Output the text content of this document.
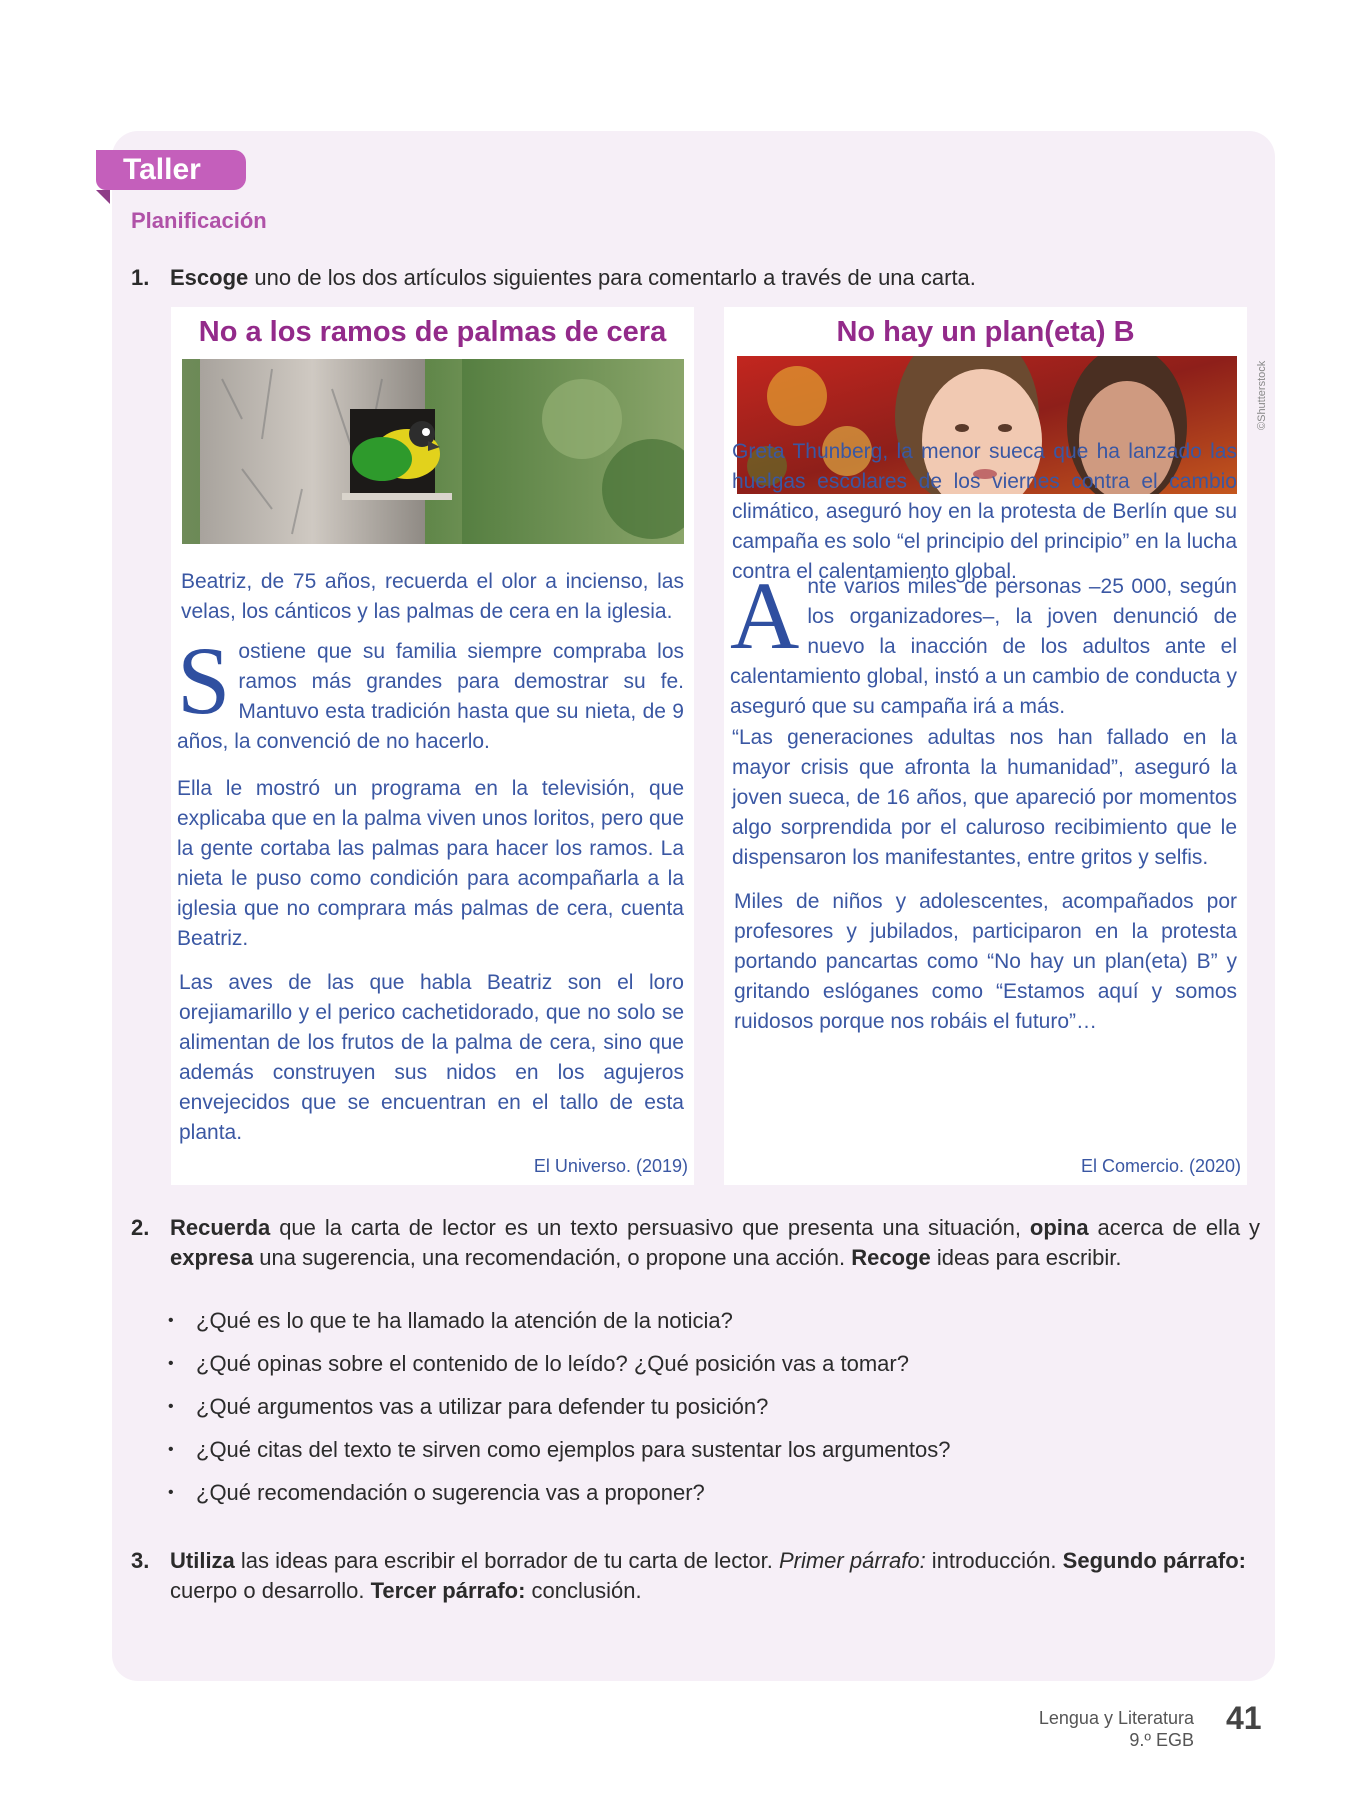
Taller
Planificación
1. Escoge uno de los dos artículos siguientes para comentarlo a través de una carta.
No a los ramos de palmas de cera

Beatriz, de 75 años, recuerda el olor a incienso, las velas, los cánticos y las palmas de cera en la iglesia.

Sostiene que su familia siempre compraba los ramos más grandes para demostrar su fe. Mantuvo esta tradición hasta que su nieta, de 9 años, la convenció de no hacerlo.

Ella le mostró un programa en la televisión, que explicaba que en la palma viven unos loritos, pero que la gente cortaba las palmas para hacer los ramos. La nieta le puso como condición para acompañarla a la iglesia que no comprara más palmas de cera, cuenta Beatriz.

Las aves de las que habla Beatriz son el loro orejiamarillo y el perico cachetidorado, que no solo se alimentan de los frutos de la palma de cera, sino que además construyen sus nidos en los agujeros envejecidos que se encuentran en el tallo de esta planta.

El Universo. (2019)
No hay un plan(eta) B

Greta Thunberg, la menor sueca que ha lanzado las huelgas escolares de los viernes contra el cambio climático, aseguró hoy en la protesta de Berlín que su campaña es solo “el principio del principio” en la lucha contra el calentamiento global.

Ante varios miles de personas –25 000, según los organizadores–, la joven denunció de nuevo la inacción de los adultos ante el calentamiento global, instó a un cambio de conducta y aseguró que su campaña irá a más.

“Las generaciones adultas nos han fallado en la mayor crisis que afronta la humanidad”, aseguró la joven sueca, de 16 años, que apareció por momentos algo sorprendida por el caluroso recibimiento que le dispensaron los manifestantes, entre gritos y selfis.

Miles de niños y adolescentes, acompañados por profesores y jubilados, participaron en la protesta portando pancartas como “No hay un plan(eta) B” y gritando eslóganes como “Estamos aquí y somos ruidosos porque nos robáis el futuro”…

El Comercio. (2020)
©Shutterstock
2. Recuerda que la carta de lector es un texto persuasivo que presenta una situación, opina acerca de ella y expresa una sugerencia, una recomendación, o propone una acción. Recoge ideas para escribir.
• ¿Qué es lo que te ha llamado la atención de la noticia?
• ¿Qué opinas sobre el contenido de lo leído? ¿Qué posición vas a tomar?
• ¿Qué argumentos vas a utilizar para defender tu posición?
• ¿Qué citas del texto te sirven como ejemplos para sustentar los argumentos?
• ¿Qué recomendación o sugerencia vas a proponer?
3. Utiliza las ideas para escribir el borrador de tu carta de lector. Primer párrafo: introducción. Segundo párrafo: cuerpo o desarrollo. Tercer párrafo: conclusión.
Lengua y Literatura
9.º EGB
41
